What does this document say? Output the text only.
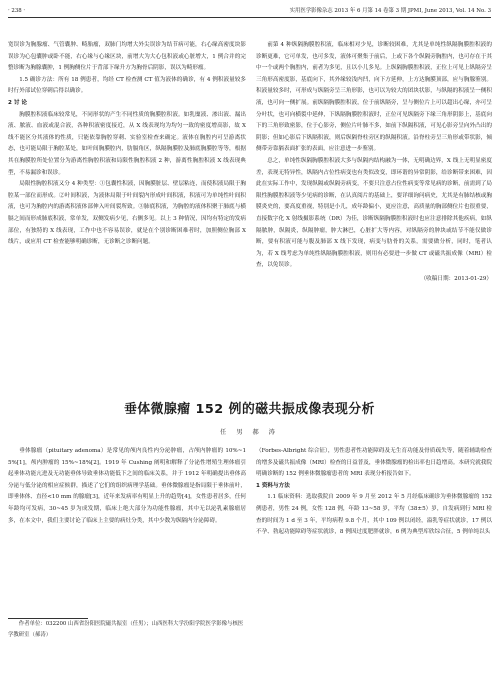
· 238 ·	实用医学影像杂志 2013 年 6 月第 14 卷第 3 期 JPMI, June 2013, Vol. 14 No. 3

宽误诊为胸腺瘤、气管囊肿、畸胎瘤，双肺门均增大外尖误诊为结节病可能，右心缘高密度块影误诊为心包囊肿或卧不能，右心缘与心缘区块，前增大为大心包积液或心脏增大，1 例合并的完整诊断为胸腺囊肿，1 例胸侧位片于背部下缘升方为胸骨后阴影，误以为畸形瘤。

1.5 确诊方法：所有 18 例患者，均经 CT 检查测 CT 值为液体的确诊，有 4 例积液量较多时行外部试位穿刺后得以确诊。

2 讨 论

胸膜腔积液临床较常见，不同形状的产生不同性质的胸膜腔积液。如乳糜液、渗出液、漏出液、脓液、血液或混合液，各种积液密度接近，从 X 线表现均为均匀一致的密度增高影，故 X 线不能区分其液体的性质，只能依靠胸腔穿刺、实验室检查来确定。液体在胸腔内可呈游离状态，也可能局限于胸腔某处，如叶间胸膜腔内，肋膈角区，纵隔胸膜腔及肺底胸膜腔等等，根据其在胸膜腔所处位置分为游离性胸腔积液和局限性胸腔积液 2 种，游离性胸腔积液 X 线表现典型，不易漏诊和误诊。

局限性胸腔积液又分 4 种类型：①包囊性积液，因胸膜脏层、壁层粘连，而使积液局限于胸腔某一部位而形成。②叶间积液，为液体局限于叶间裂内形成叶间积液，积液可为单纯性叶间积液，也可为胸腔内的游离积液体部伸入叶间裂所致。③肺底积液，为胸腔的液体积聚于肺底与横膈之间而形成肺底积液，常单发，双侧发病少见，右侧多见。以上 3 种情况，因均有特定的发病部位，有独特的 X 线表现，工作中也不容易误诊，就是在个别诊断困难者时，加照侧位胸部 X 线片，或应用 CT 检查能够明确诊断，无诊断之诊断问题。

前第 4 种纵隔胸膜腔积液，临床相对少见，诊断较困难，尤其是单纯性纵隔胸膜腔积液的诊断更难，它可单发，也可多发，液体可聚集于前后，上或下各个纵隔旁胸腔内，也可存在于其中一个或两个胸腔内，前者为多见，且以小儿多见。上纵隔胸膜腔积液，正位上可见上纵隔旁呈三角形高密度影，基底向下，其外缘较浅内凹，向下方延伸，上方达胸膜顶部，应与胸腺鉴别。积液量较多时，可形成与纵隔旁呈三角形影，也可以为较大的团块状影，与纵隔的积液呈一侧积液，也可向一侧扩展。前纵隔胸膜腔积液，位于前纵隔旁，呈与侧位片上可以超出心缘，亦可呈分叶状，也可向横裂中延伸，下纵隔胸膜腔积液时，正位可见纵隔旁下缘三角形阴影上，基底向下的三角形致密影，位于心影旁，侧位片叶肺不多，如前下纵隔积液，可见心影旁呈向外凸出的阴影；但如心影后下纵隔积液，则后纵隔脊柱旁区的纵隔积液。沿脊柱旁呈三角形或带状影，倾侧带旁靠膈表面扩张的表面，应注意进一步鉴别。

总之，单纯性纵隔胸膜腔积液大多与纵隔内结构融为一体，无明确边界，X 线上无明显密度差，表现无特异性，纵隔内占位性病变也有类似改变，即环谐的异常阴影，给诊断带来困难，因此在实际工作中，发现纵隔或纵隔旁病变，不要只注意占位性病变等常见病的诊断，前需到了局限性胸膜腔积液等少见病的诊断，在认真阅片的基础上，要详细询问病史，尤其是有肺结核或胸膜炎史的，要高度重视，特别是小儿，成年龄偏小，更应注意，高质量的胸部侧位片也很重要，直接数字化 X 射线摄影系统（DR）为佳，诊断纵隔胸膜腔积液时也应注意排除其他疾病，如纵隔脓肿，纵隔炎，纵隔肿瘤，肿大淋巴，心脏扩大等内容，对纵隔旁的肿块或结节不能仅做诊断，要有积液可能与腹及肺部 X 线下发现，病变与肋骨的关系，需要做分析，同时，笔者认为，若 X 线考虑为单纯性纵隔胸膜腔积液，则用有必要进一步做 CT 或磁共振成像（MRI）检查，以免误诊。

（收稿日期：2013-01-29）

垂体微腺瘤 152 例的磁共振成像表现分析
任 男 郝 涛

垂体腺瘤（pituitary adenoma）是常见的颅内良性内分泌肿瘤，占颅内肿瘤的 10%~15%[1]，颅内肿瘤的 15%~18%[2]。1919 年 Cushing 阐明和解释了分泌性增殖生理体瘤引起垂体功能亢进及无功能垂体导致垂体功能低下之间的临床关系，并于 1912 年明确提出垂体高分泌与低分泌的相应症候群，描述了它们的组织病理学基础。垂体微腺瘤是指局限于垂体前叶，即垂体体、直径<10 mm 的腺瘤[3]，近年来发病率有明显上升的趋势[4]，女性患者居多，任何年龄均可发病，30~45 岁为成发期，临床上绝大部分为功能性腺瘤，其中无以泌乳素腺瘤居多，在本文中，我们主要讨论了临床上主要的病灶分类，其中少数为纵隔内分泌障碍。

作者单位：032200 山西省汾阳医院磁共振室（任男）；山西医科大学汾阳学院医学影像与核医学教研室（郝涛）

（Forbes-Albright 综合征），男性患者性功能障碍及无生育功能及骨质疏失等，随着辅助检查的增多及磁共振成像（MRI）检查的日益普及，垂体微腺瘤的检出率也日趋增高。本研究就我院明确诊断的 152 例垂体微腺瘤患者的 MRI 表现分析报告如下。

1 资料与方法

1.1 临床资料：选取我院自 2009 年 9 月至 2012 年 5 月经临床确诊为垂体微腺瘤的 152 例患者，男性 24 例，女性 128 例，年龄 13~58 岁，平均（38±5）岁，自发病到行 MRI 检查的时间为 1 d 至 3 年，平均病程 9.8 个月，其中 109 例以闭经，溢乳等症状就诊，17 例以不孕、勃起功能障碍等症状就诊，8 例因过度肥胖就诊，6 例为典型库欣综合征，5 例单纯以头
